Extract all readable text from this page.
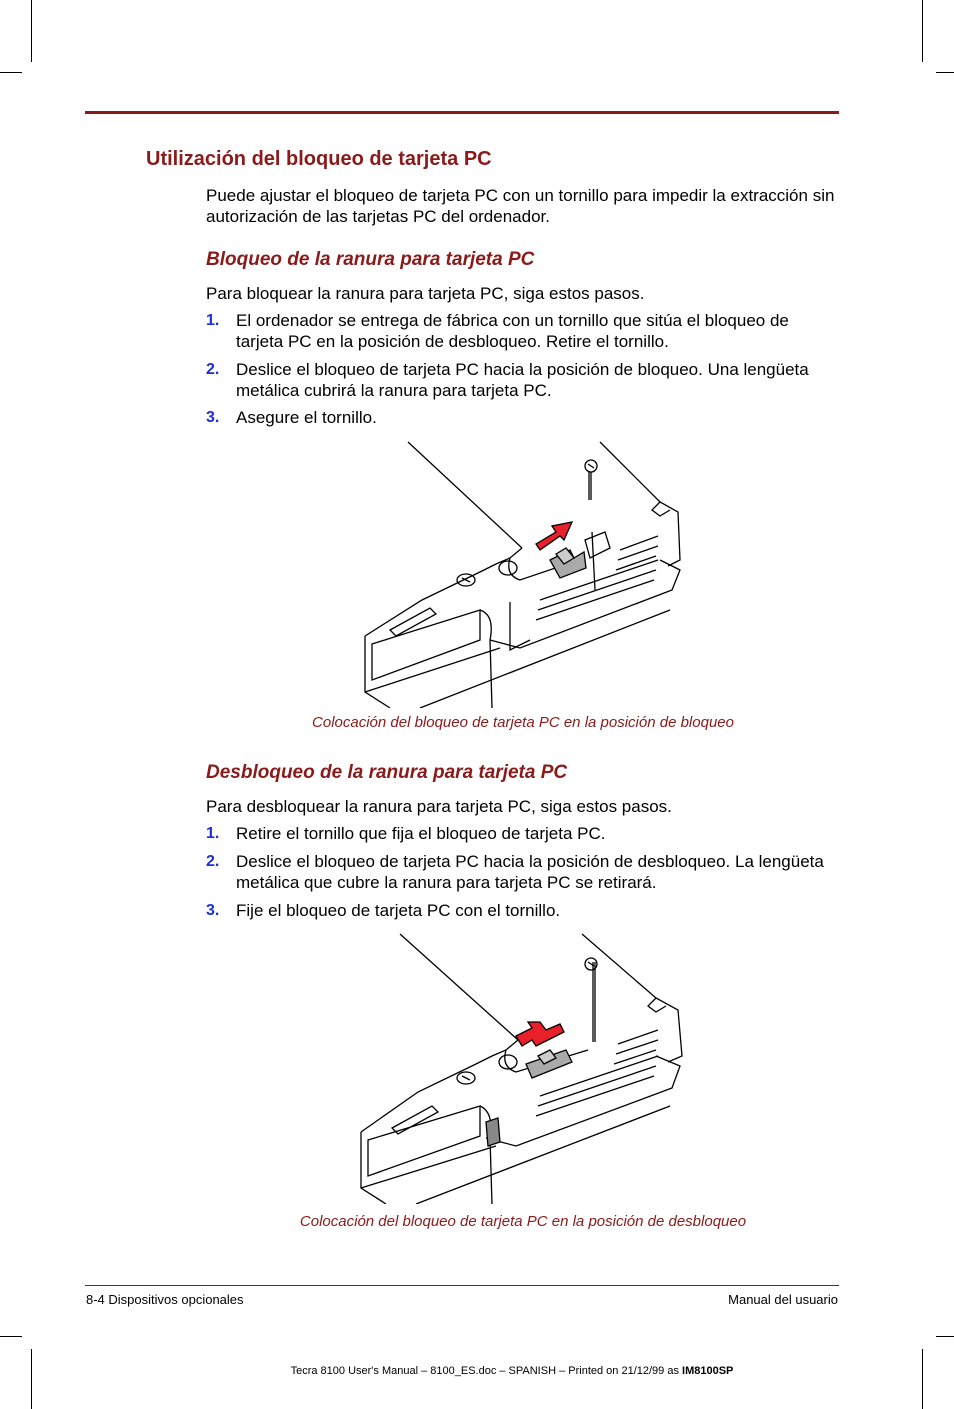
Utilización del bloqueo de tarjeta PC

Puede ajustar el bloqueo de tarjeta PC con un tornillo para impedir la extracción sin autorización de las tarjetas PC del ordenador.

Bloqueo de la ranura para tarjeta PC

Para bloquear la ranura para tarjeta PC, siga estos pasos.

1. El ordenador se entrega de fábrica con un tornillo que sitúa el bloqueo de tarjeta PC en la posición de desbloqueo. Retire el tornillo.
2. Deslice el bloqueo de tarjeta PC hacia la posición de bloqueo. Una lengüeta metálica cubrirá la ranura para tarjeta PC.
3. Asegure el tornillo.
Colocación del bloqueo de tarjeta PC en la posición de bloqueo
Desbloqueo de la ranura para tarjeta PC

Para desbloquear la ranura para tarjeta PC, siga estos pasos.

1. Retire el tornillo que fija el bloqueo de tarjeta PC.
2. Deslice el bloqueo de tarjeta PC hacia la posición de desbloqueo. La lengüeta metálica que cubre la ranura para tarjeta PC se retirará.
3. Fije el bloqueo de tarjeta PC con el tornillo.
Colocación del bloqueo de tarjeta PC en la posición de desbloqueo
8-4 Dispositivos opcionales	Manual del usuario
Tecra 8100 User's Manual – 8100_ES.doc – SPANISH – Printed on 21/12/99 as IM8100SP
